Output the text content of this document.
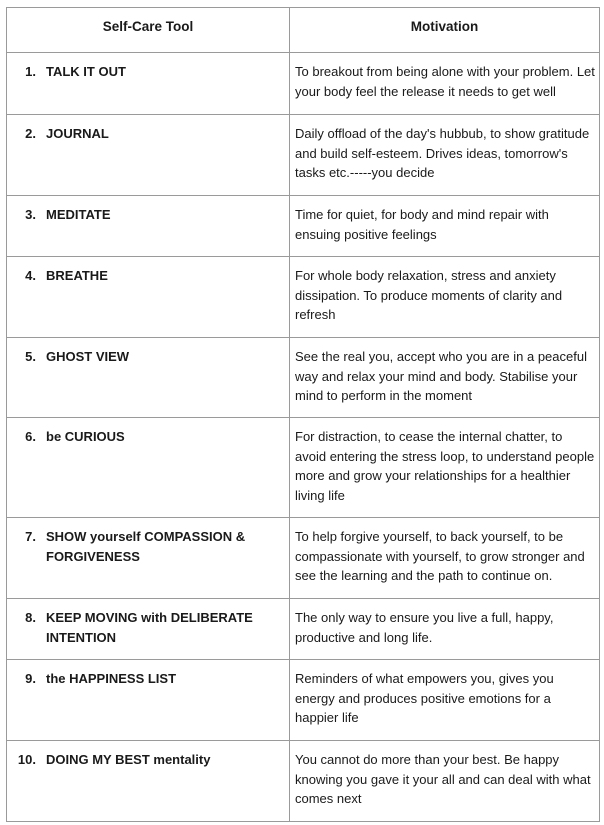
Self-Care Tool	Motivation

1. TALK IT OUT	To breakout from being alone with your problem. Let your body feel the release it needs to get well

2. JOURNAL	Daily offload of the day's hubbub, to show gratitude and build self-esteem. Drives ideas, tomorrow's tasks etc.-----you decide

3. MEDITATE	Time for quiet, for body and mind repair with ensuing positive feelings

4. BREATHE	For whole body relaxation, stress and anxiety dissipation. To produce moments of clarity and refresh

5. GHOST VIEW	See the real you, accept who you are in a peaceful way and relax your mind and body. Stabilise your mind to perform in the moment

6. be CURIOUS	For distraction, to cease the internal chatter, to avoid entering the stress loop, to understand people more and grow your relationships for a healthier living life

7. SHOW yourself COMPASSION & FORGIVENESS	To help forgive yourself, to back yourself, to be compassionate with yourself, to grow stronger and see the learning and the path to continue on.

8. KEEP MOVING with DELIBERATE INTENTION	The only way to ensure you live a full, happy, productive and long life.

9. the HAPPINESS LIST	Reminders of what empowers you, gives you energy and produces positive emotions for a happier life

10. DOING MY BEST mentality	You cannot do more than your best. Be happy knowing you gave it your all and can deal with what comes next
